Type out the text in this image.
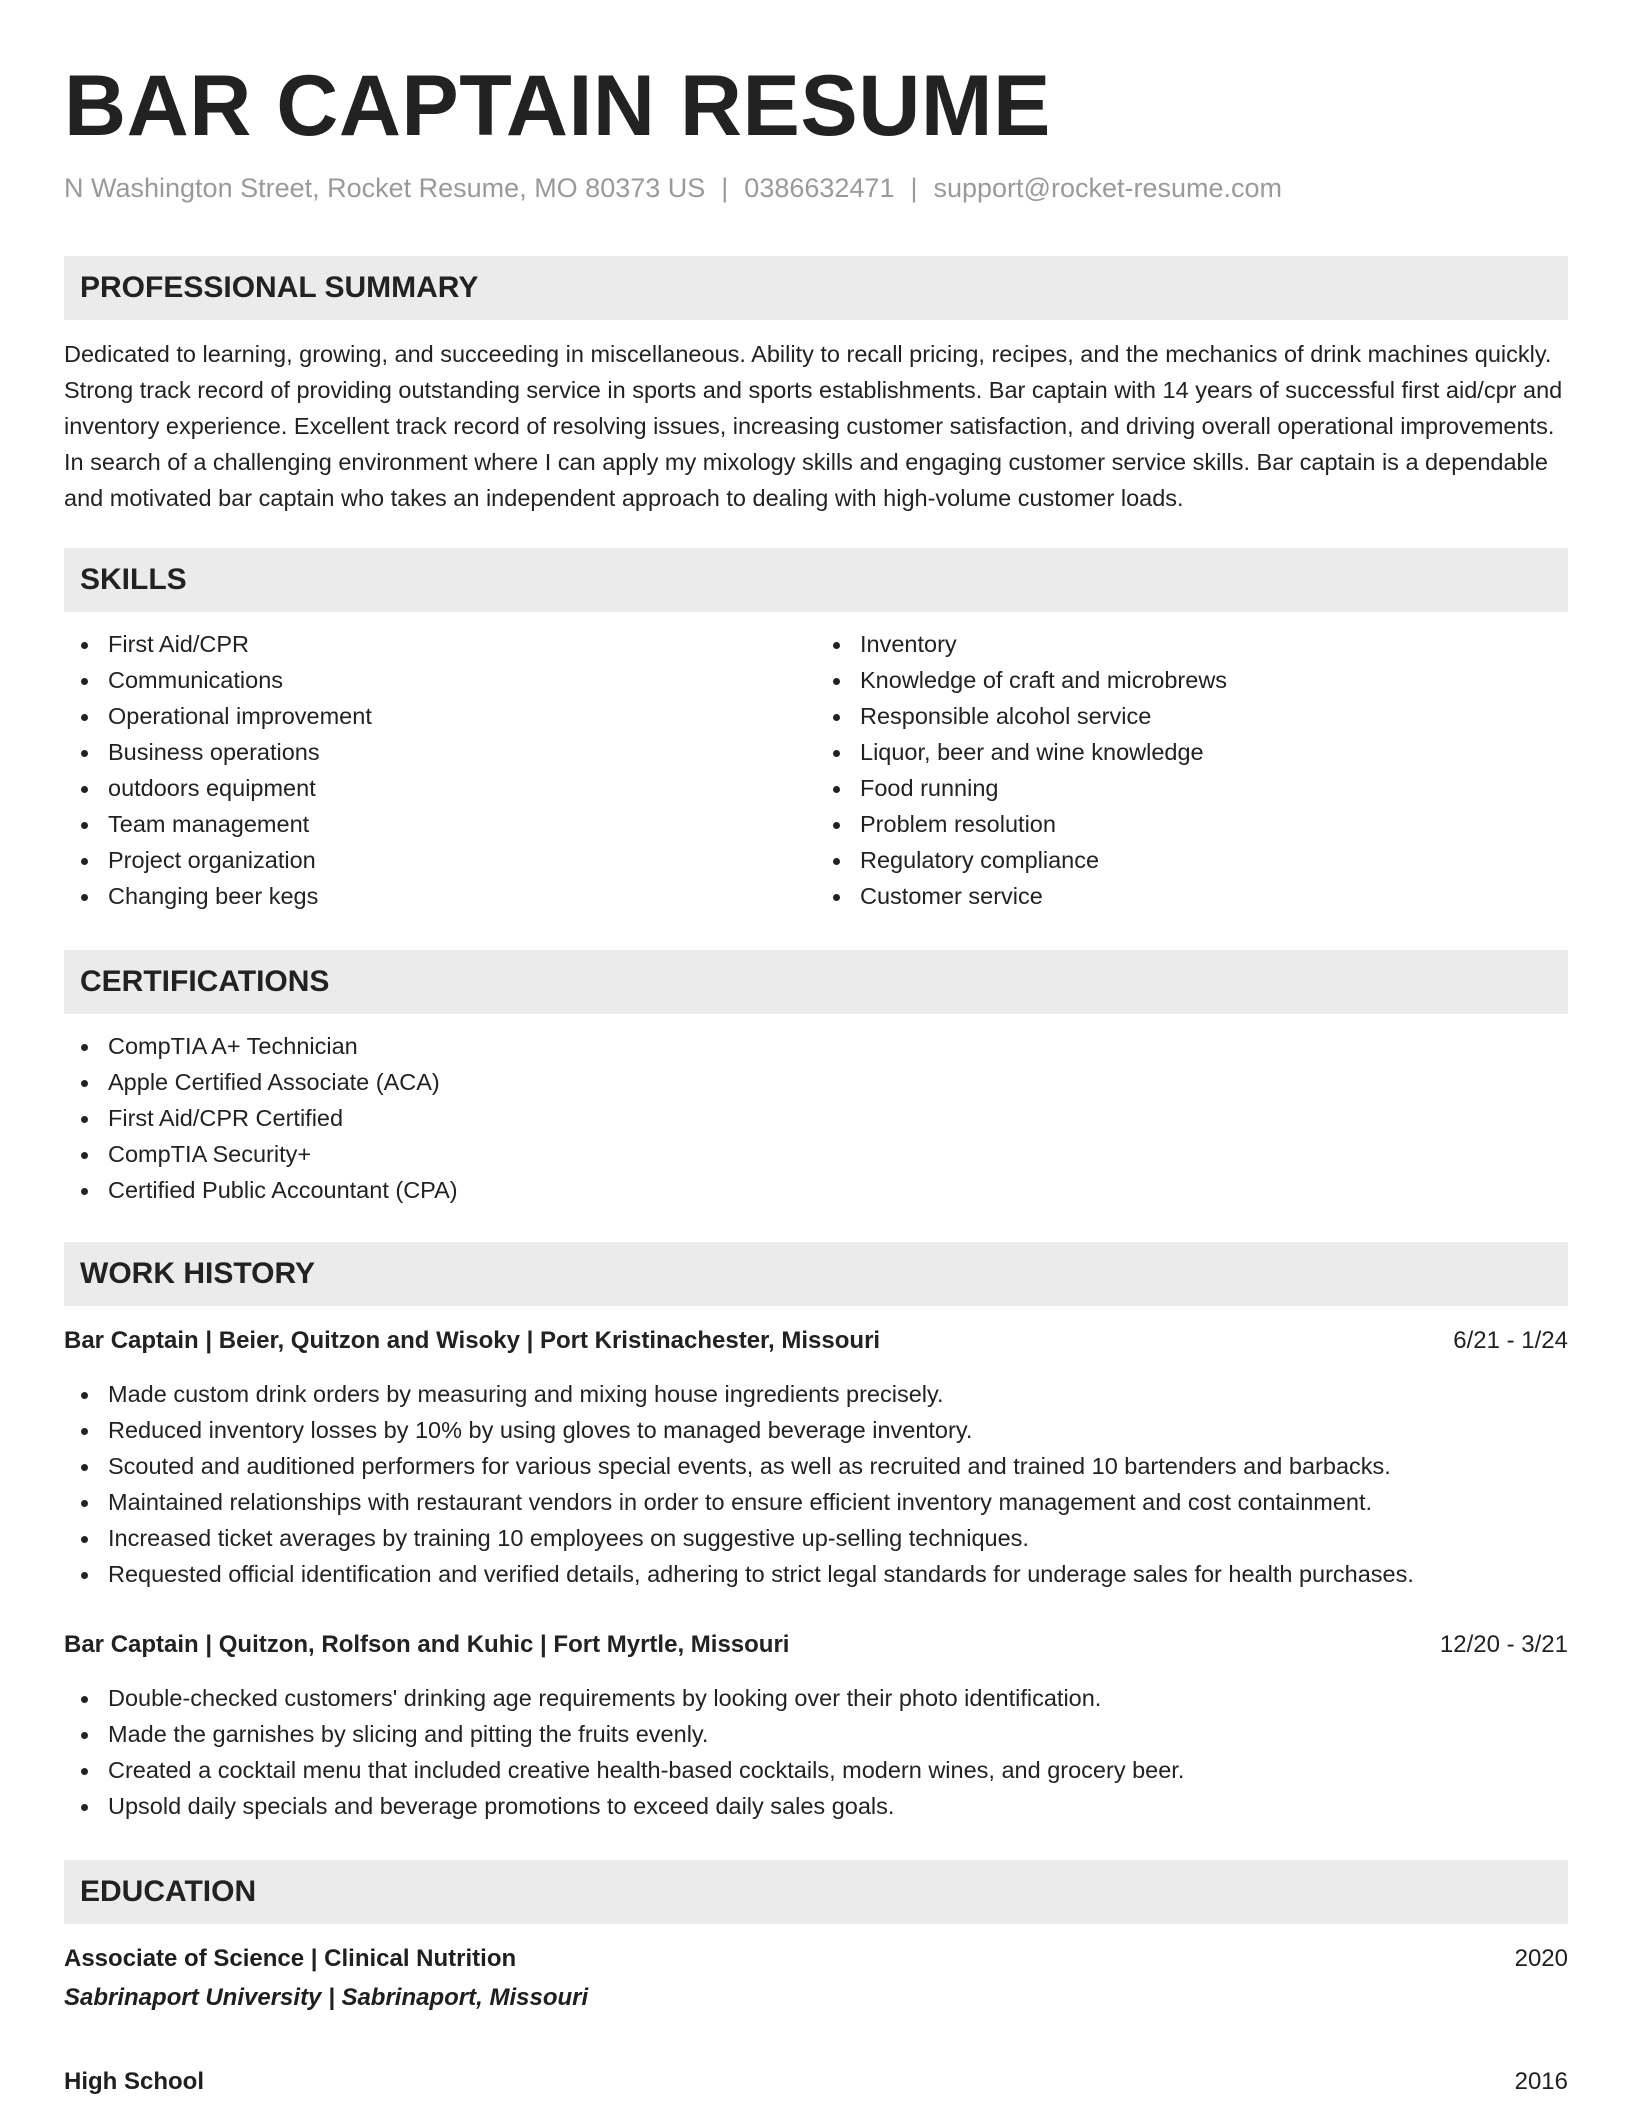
BAR CAPTAIN RESUME
N Washington Street, Rocket Resume, MO 80373 US | 0386632471 | support@rocket-resume.com
PROFESSIONAL SUMMARY

Dedicated to learning, growing, and succeeding in miscellaneous. Ability to recall pricing, recipes, and the mechanics of drink machines quickly. Strong track record of providing outstanding service in sports and sports establishments. Bar captain with 14 years of successful first aid/cpr and inventory experience. Excellent track record of resolving issues, increasing customer satisfaction, and driving overall operational improvements. In search of a challenging environment where I can apply my mixology skills and engaging customer service skills. Bar captain is a dependable and motivated bar captain who takes an independent approach to dealing with high-volume customer loads.

SKILLS
First Aid/CPR
Communications
Operational improvement
Business operations
outdoors equipment
Team management
Project organization
Changing beer kegs
Inventory
Knowledge of craft and microbrews
Responsible alcohol service
Liquor, beer and wine knowledge
Food running
Problem resolution
Regulatory compliance
Customer service
CERTIFICATIONS
CompTIA A+ Technician
Apple Certified Associate (ACA)
First Aid/CPR Certified
CompTIA Security+
Certified Public Accountant (CPA)
WORK HISTORY
Bar Captain | Beier, Quitzon and Wisoky | Port Kristinachester, Missouri	6/21 - 1/24
Made custom drink orders by measuring and mixing house ingredients precisely.
Reduced inventory losses by 10% by using gloves to managed beverage inventory.
Scouted and auditioned performers for various special events, as well as recruited and trained 10 bartenders and barbacks.
Maintained relationships with restaurant vendors in order to ensure efficient inventory management and cost containment.
Increased ticket averages by training 10 employees on suggestive up-selling techniques.
Requested official identification and verified details, adhering to strict legal standards for underage sales for health purchases.
Bar Captain | Quitzon, Rolfson and Kuhic | Fort Myrtle, Missouri	12/20 - 3/21
Double-checked customers' drinking age requirements by looking over their photo identification.
Made the garnishes by slicing and pitting the fruits evenly.
Created a cocktail menu that included creative health-based cocktails, modern wines, and grocery beer.
Upsold daily specials and beverage promotions to exceed daily sales goals.
EDUCATION
Associate of Science | Clinical Nutrition	2020
Sabrinaport University | Sabrinaport, Missouri
High School	2016
